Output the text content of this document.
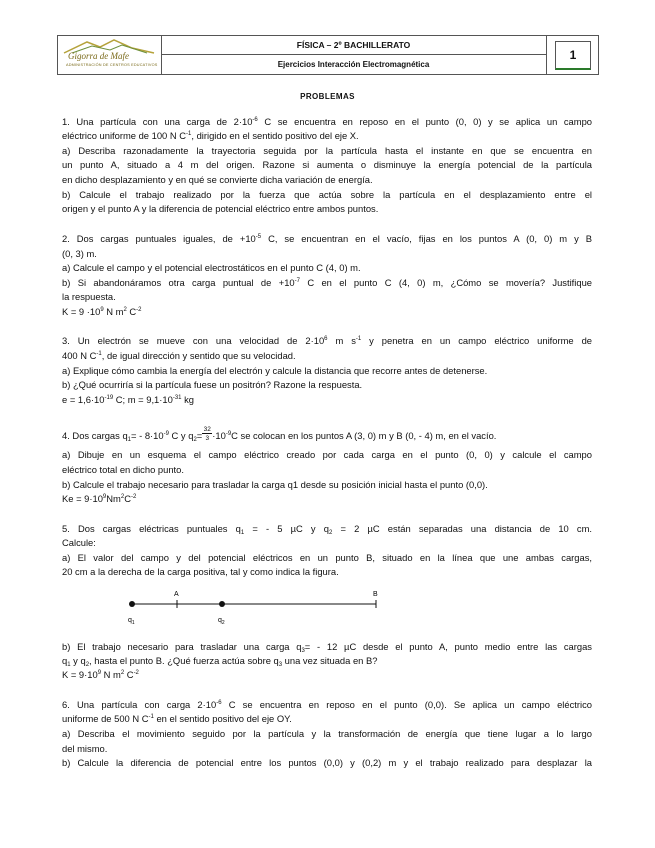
Gigorra de Mafe
ADMINISTRACIÓN DE CENTROS EDUCATIVOS
FÍSICA – 2º BACHILLERATO
Ejercicios Interacción Electromagnética
1
PROBLEMAS
1. Una partícula con una carga de $2\cdot 10^{-6}$ C se encuentra en reposo en el punto (0, 0) y se aplica un campo
eléctrico uniforme de 100 N $C^{-1}$, dirigido en el sentido positivo del eje X.
a) Describa razonadamente la trayectoria seguida por la partícula hasta el instante en que se encuentra en
un punto A, situado a 4 m del origen. Razone si aumenta o disminuye la energía potencial de la partícula
en dicho desplazamiento y en qué se convierte dicha variación de energía.
b) Calcule el trabajo realizado por la fuerza que actúa sobre la partícula en el desplazamiento entre el
origen y el punto A y la diferencia de potencial eléctrico entre ambos puntos.
2. Dos cargas puntuales iguales, de $+10^{-5}$ C, se encuentran en el vacío, fijas en los puntos A (0, 0) m y B
(0, 3) m.
a) Calcule el campo y el potencial electrostáticos en el punto C (4, 0) m.
b) Si abandonáramos otra carga puntual de $+10^{-7}$ C en el punto C (4, 0) m, ¿Cómo se movería? Justifique
la respuesta.
$K = 9 \cdot 10^9$ N $m^2$ $C^{-2}$
3. Un electrón se mueve con una velocidad de $2\cdot 10^6$ m $s^{-1}$ y penetra en un campo eléctrico uniforme de
400 N $C^{-1}$, de igual dirección y sentido que su velocidad.
a) Explique cómo cambia la energía del electrón y calcule la distancia que recorre antes de detenerse.
b) ¿Qué ocurriría si la partícula fuese un positrón? Razone la respuesta.
$e = 1,6\cdot 10^{-19}$ C; $m = 9,1\cdot 10^{-31}$ kg
4. Dos cargas $q_1= - 8\cdot 10^{-9}$ C y $q_2= \frac{32}{3} \cdot 10^{-9}C$ se colocan en los puntos A (3, 0) m y B (0, - 4) m, en el vacío.
a) Dibuje en un esquema el campo eléctrico creado por cada carga en el punto (0, 0) y calcule el campo
eléctrico total en dicho punto.
b) Calcule el trabajo necesario para trasladar la carga q1 desde su posición inicial hasta el punto (0,0).
$Ke = 9\cdot 10^9Nm^2C^{-2}$
5. Dos cargas eléctricas puntuales $q_1$ = - 5 µC y $q_2 = 2$ µC están separadas una distancia de 10 cm.
Calcule:
a) El valor del campo y del potencial eléctricos en un punto B, situado en la línea que une ambas cargas,
20 cm a la derecha de la carga positiva, tal y como indica la figura.
A	B
$q_1$	$q_2$
b) El trabajo necesario para trasladar una carga $q_3= - 12$ µC desde el punto A, punto medio entre las cargas
$q_1$ y $q_2$, hasta el punto B. ¿Qué fuerza actúa sobre $q_3$ una vez situada en B?
$K = 9\cdot 10^9$ N $m^2$ $C^{-2}$
6. Una partícula con carga $2\cdot 10^{-6}$ C se encuentra en reposo en el punto (0,0). Se aplica un campo eléctrico
uniforme de 500 N $C^{-1}$ en el sentido positivo del eje OY.
a) Describa el movimiento seguido por la partícula y la transformación de energía que tiene lugar a lo largo
del mismo.
b) Calcule la diferencia de potencial entre los puntos (0,0) y (0,2) m y el trabajo realizado para desplazar la
